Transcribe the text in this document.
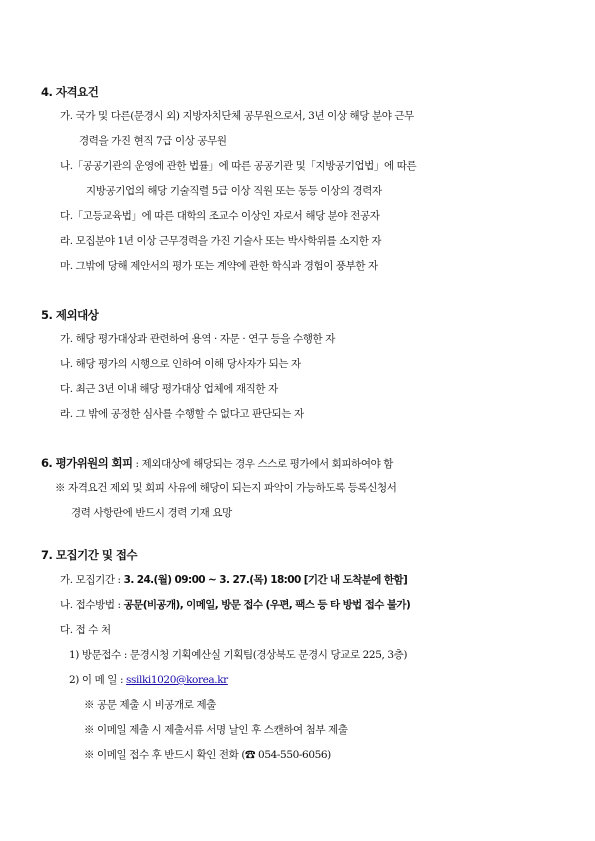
4. 자격요건
가. 국가 및 다른(문경시 외) 지방자치단체 공무원으로서, 3년 이상 해당 분야 근무
경력을 가진 현직 7급 이상 공무원
나.「공공기관의 운영에 관한 법률」에 따른 공공기관 및「지방공기업법」에 따른
지방공기업의 해당 기술직렬 5급 이상 직원 또는 동등 이상의 경력자
다.「고등교육법」에 따른 대학의 조교수 이상인 자로서 해당 분야 전공자
라. 모집분야 1년 이상 근무경력을 가진 기술사 또는 박사학위를 소지한 자
마. 그밖에 당해 제안서의 평가 또는 계약에 관한 학식과 경험이 풍부한 자
5. 제외대상
가. 해당 평가대상과 관련하여 용역 · 자문 · 연구 등을 수행한 자
나. 해당 평가의 시행으로 인하여 이해 당사자가 되는 자
다. 최근 3년 이내 해당 평가대상 업체에 재직한 자
라. 그 밖에 공정한 심사를 수행할 수 없다고 판단되는 자
6. 평가위원의 회피 : 제외대상에 해당되는 경우 스스로 평가에서 회피하여야 함
※ 자격요건 제외 및 회피 사유에 해당이 되는지 파악이 가능하도록 등록신청서
경력 사항란에 반드시 경력 기재 요망
7. 모집기간 및 접수
가. 모집기간 : 3. 24.(월) 09:00 ~ 3. 27.(목) 18:00 [기간 내 도착분에 한함]
나. 접수방법 : 공문(비공개), 이메일, 방문 접수 (우편, 팩스 등 타 방법 접수 불가)
다. 접 수 처
1) 방문접수 : 문경시청 기획예산실 기획팀(경상북도 문경시 당교로 225, 3층)
2) 이 메 일 : ssilki1020@korea.kr
※ 공문 제출 시 비공개로 제출
※ 이메일 제출 시 제출서류 서명 날인 후 스캔하여 첨부 제출
※ 이메일 접수 후 반드시 확인 전화 (☎ 054-550-6056)
